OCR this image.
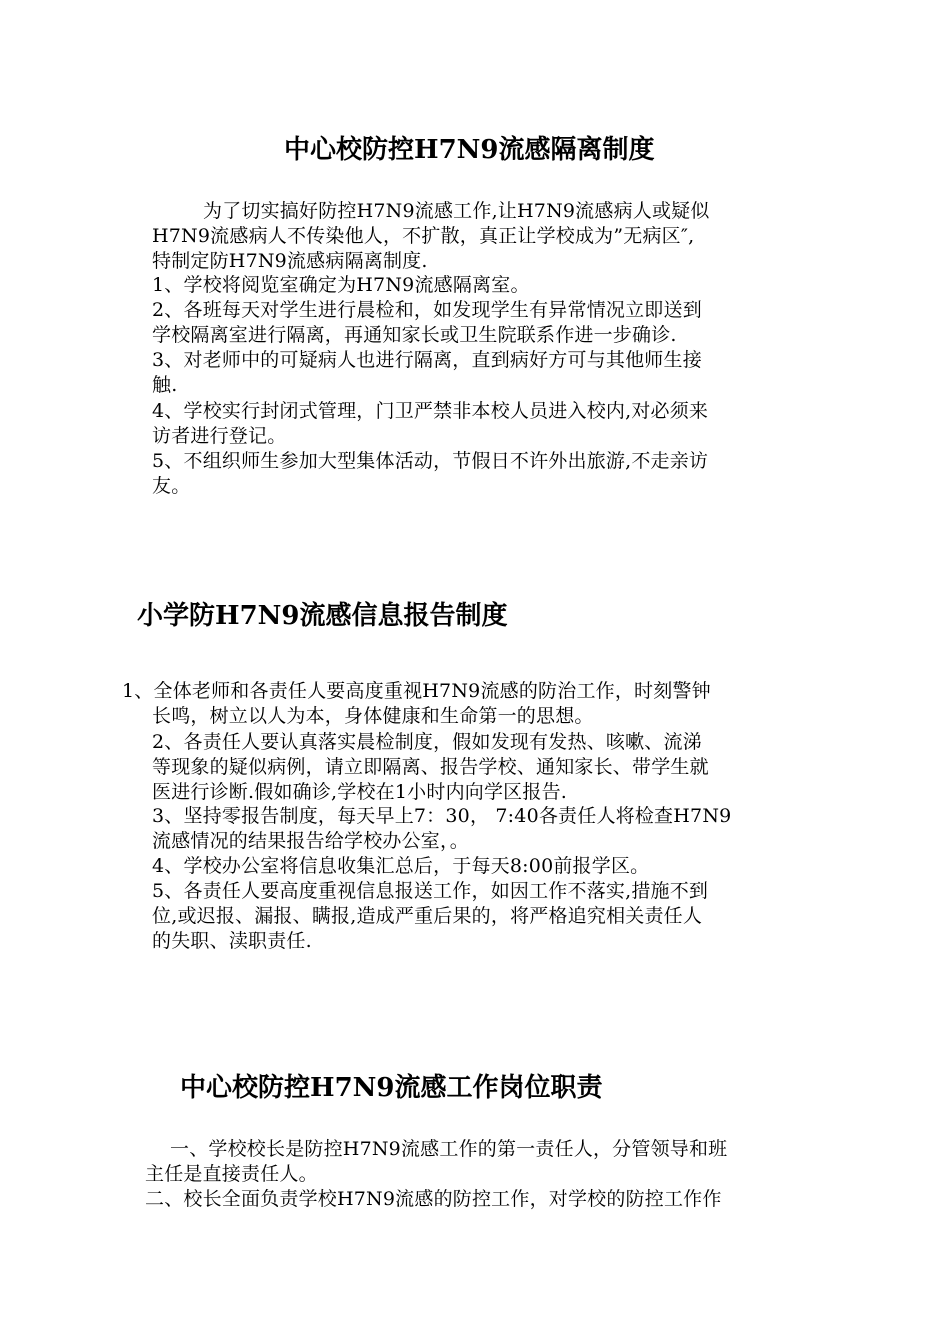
中心校防控H7N9流感隔离制度

为了切实搞好防控H7N9流感工作,让H7N9流感病人或疑似

H7N9流感病人不传染他人，不扩散，真正让学校成为”无病区″,

特制定防H7N9流感病隔离制度.

1、学校将阅览室确定为H7N9流感隔离室。

2、各班每天对学生进行晨检和，如发现学生有异常情况立即送到

学校隔离室进行隔离，再通知家长或卫生院联系作进一步确诊.

3、对老师中的可疑病人也进行隔离，直到病好方可与其他师生接

触.

4、学校实行封闭式管理，门卫严禁非本校人员进入校内,对必须来

访者进行登记。

5、不组织师生参加大型集体活动，节假日不许外出旅游,不走亲访

友。

小学防H7N9流感信息报告制度

1、全体老师和各责任人要高度重视H7N9流感的防治工作，时刻警钟

长鸣，树立以人为本，身体健康和生命第一的思想。

2、各责任人要认真落实晨检制度，假如发现有发热、咳嗽、流涕

等现象的疑似病例，请立即隔离、报告学校、通知家长、带学生就

医进行诊断.假如确诊,学校在1小时内向学区报告.

3、坚持零报告制度，每天早上7：30， 7:40各责任人将检查H7N9

流感情况的结果报告给学校办公室，。

4、学校办公室将信息收集汇总后，于每天8:00前报学区。

5、各责任人要高度重视信息报送工作，如因工作不落实,措施不到

位,或迟报、漏报、瞒报,造成严重后果的，将严格追究相关责任人

的失职、渎职责任.

中心校防控H7N9流感工作岗位职责

一、学校校长是防控H7N9流感工作的第一责任人，分管领导和班

主任是直接责任人。

二、校长全面负责学校H7N9流感的防控工作，对学校的防控工作作
